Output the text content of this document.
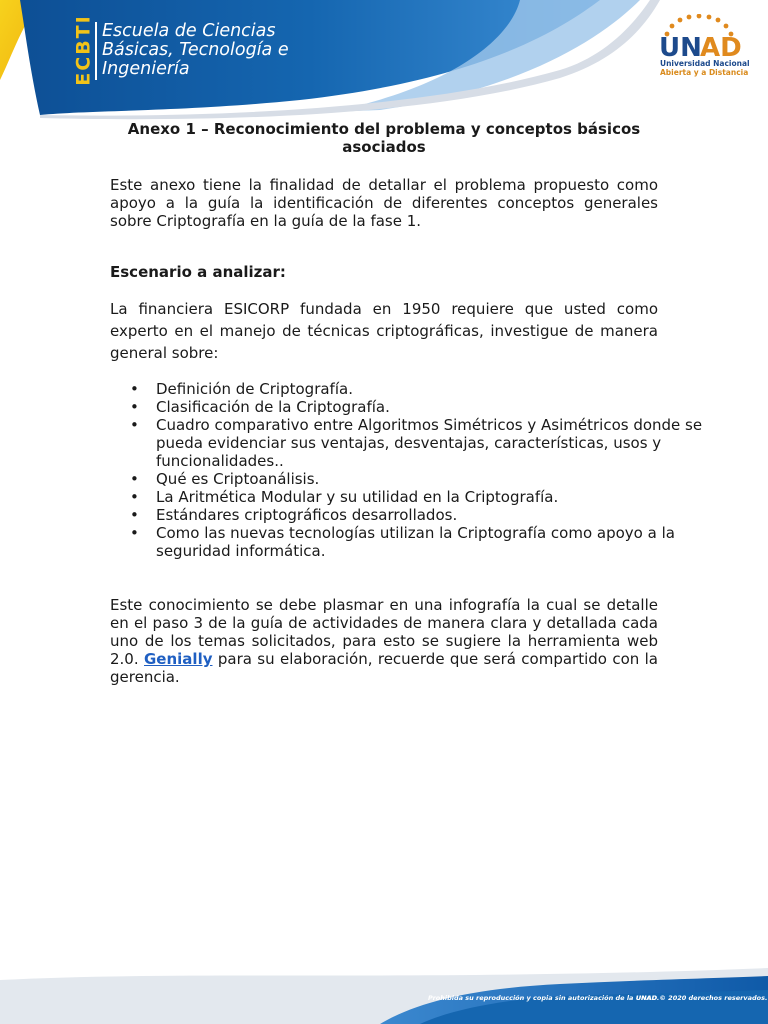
ECBTI Escuela de Ciencias
Básicas, Tecnología e
Ingeniería
UN
AD
Universidad Nacional
Abierta y a Distancia

Anexo 1 – Reconocimiento del problema y conceptos básicos asociados

Este anexo tiene la finalidad de detallar el problema propuesto como apoyo a la guía la identificación de diferentes conceptos generales sobre Criptografía en la guía de la fase 1.

Escenario a analizar:

La financiera ESICORP fundada en 1950 requiere que usted como experto en el manejo de técnicas criptográficas, investigue de manera general sobre:

• Definición de Criptografía.
• Clasificación de la Criptografía.
• Cuadro comparativo entre Algoritmos Simétricos y Asimétricos donde se pueda evidenciar sus ventajas, desventajas, características, usos y funcionalidades..
• Qué es Criptoanálisis.
• La Aritmética Modular y su utilidad en la Criptografía.
• Estándares criptográficos desarrollados.
• Como las nuevas tecnologías utilizan la Criptografía como apoyo a la seguridad informática.

Este conocimiento se debe plasmar en una infografía la cual se detalle en el paso 3 de la guía de actividades de manera clara y detallada cada uno de los temas solicitados, para esto se sugiere la herramienta web 2.0. Genially para su elaboración, recuerde que será compartido con la gerencia.

Prohibida su reproducción y copia sin autorización de la UNAD.
UNAD © 2020 derechos reservados.
